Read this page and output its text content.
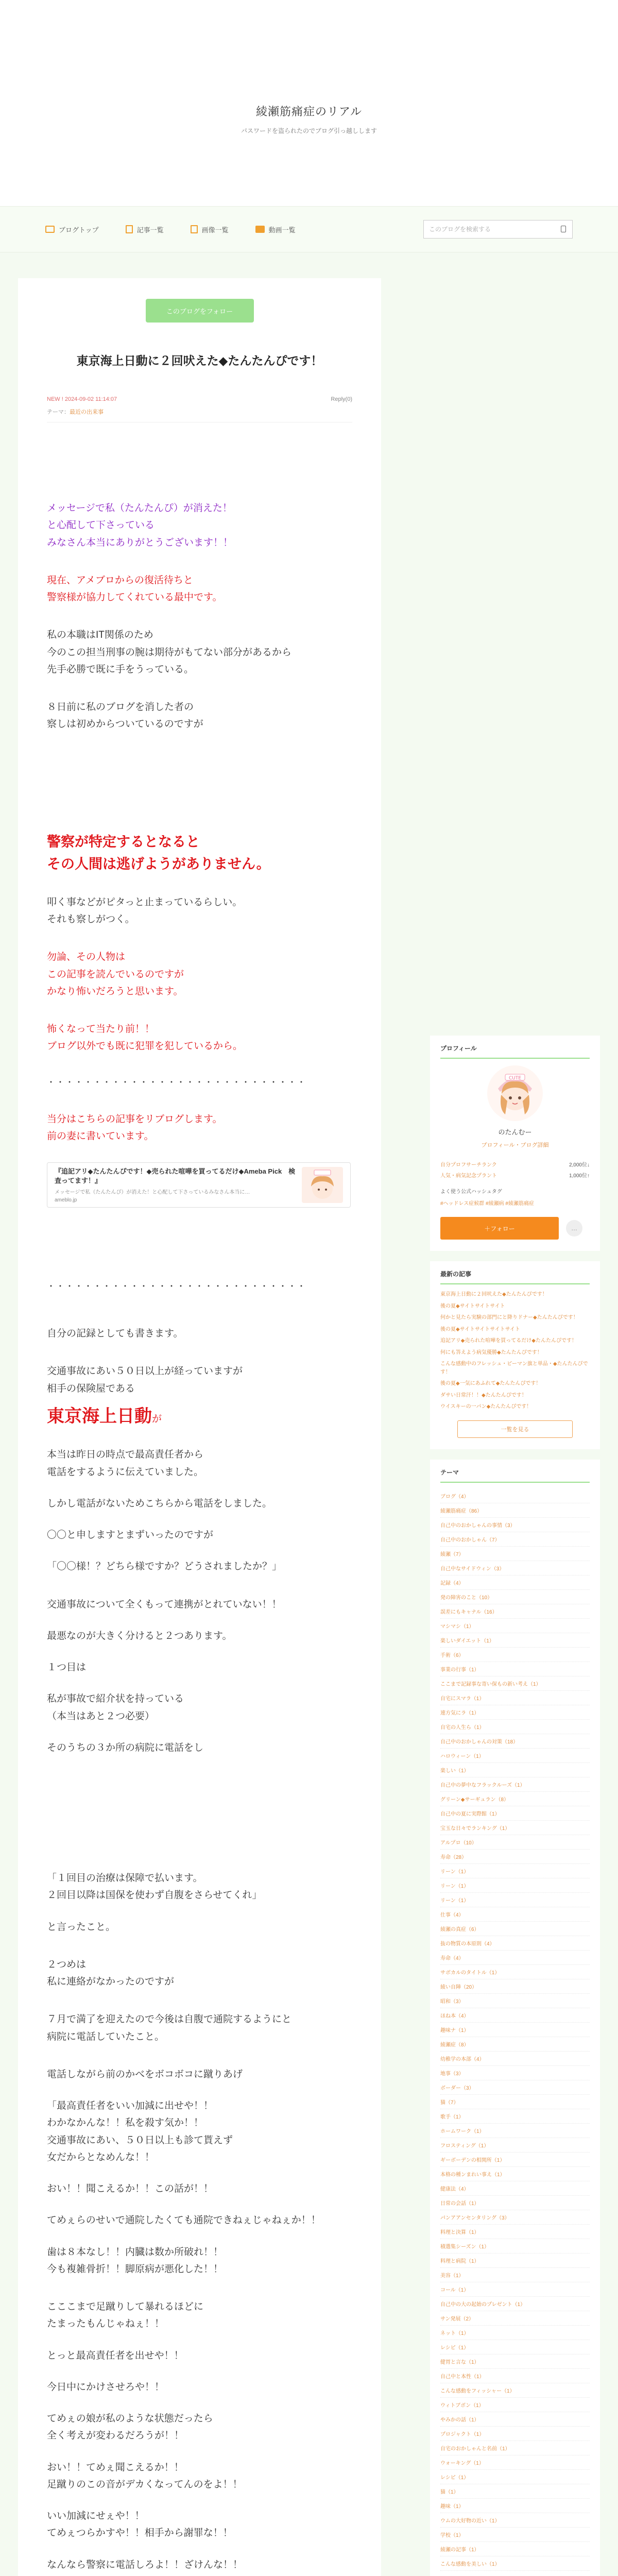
綾瀬筋痛症のリアル
パスワードを盗られたのでブログ引っ越しします
ブログトップ	記事一覧	画像一覧	動画一覧
このブログを検索する
このブログをフォロー
東京海上日動に２回吠えた◆たんたんぴです！
NEW ! 2024-09-02 11:14:07	Reply(0)
テーマ：最近の出来事
メッセージで私（たんたんぴ）が消えた！
と心配して下さっている
みなさん本当にありがとうございます！！
現在、アメブロからの復活待ちと
警察様が協力してくれている最中です。
私の本職はIT関係のため
今のこの担当刑事の腕は期待がもてない部分があるから
先手必勝で既に手をうっている。
８日前に私のブログを消した者の
察しは初めからついているのですが
警察が特定するとなると
その人間は逃げようがありません。
叩く事などがピタっと止まっているらしい。
それも察しがつく。
勿論、その人物は
この記事を読んでいるのですが
かなり怖いだろうと思います。
怖くなって当たり前！！
ブログ以外でも既に犯罪を犯しているから。
・・・・・・・・・・・・・・・・・・・・・・・・・・・・
当分はこちらの記事をリブログします。
前の妻に書いています。
『追記アリ◆たんたんぴです！◆売られた喧嘩を買ってるだけ◆Ameba Pick　検査ってます！』
メッセージで私（たんたんぴ）が消えた！と心配して下さっているみなさん本当に…
ameblo.jp
・・・・・・・・・・・・・・・・・・・・・・・・・・・・
自分の記録としても書きます。
交通事故にあい５０日以上が経っていますが
相手の保険屋である
東京海上日動が
本当は昨日の時点で最高責任者から
電話をするように伝えていました。
しかし電話がないためこちらから電話をしました。
〇〇と申しますとまずいったのですが
「〇〇様！？どちら様ですか？どうされましたか？」
交通事故について全くもって連携がとれていない！！
最悪なのが大きく分けると２つあります。
１つ目は
私が事故で紹介状を持っている
（本当はあと２つ必要）
そのうちの３か所の病院に電話をし
「１回目の治療は保障で払います。
２回目以降は国保を使わず自腹をさらせてくれ」
と言ったこと。
２つめは
私に連絡がなかったのですが
７月で満了を迎えたので今後は自腹で通院するようにと
病院に電話していたこと。
電話しながら前のかべをボコボコに蹴りあげ
「最高責任者をいい加減に出せや！！
わかなかんな！！私を殺す気か！！
交通事故にあい、５０日以上も診て貰えず
女だからとなめんな！！
おい！！聞こえるか！！この話が！！
てめぇらのせいで通院したくても通院できねぇじゃねぇか！！
歯は８本なし！！内臓は数か所破れ！！
今も複雑骨折！！脚原病が悪化した！！
こここまで足蹴りして暴れるほどに
たまったもんじゃねぇ！！
とっと最高責任者を出せや！！
今日中にかけさせろや！！
てめぇの娘が私のような状態だったら
全く考えが変わるだろうが！！
おい！！てめぇ聞こえるか！！
足蹴りのこの音がデカくなってんのをよ！！
いい加減にせぇや！！
てめぇつらかすや！！相手から謝罪な！！
なんなら警察に電話しろよ！！ざけんな！！
プロフィール
CUTE
のたんむー
プロフィール・ブログ詳細
自分プロフサーチランク	2,000位↓
人気・病気記念プラント	1,000位↑
よく使う公式ハッシュタグ
#ヘッドレス症候群 #綾瀬病 #綾瀬筋痛症
＋フォロー	…
最新の記事
東京海上日動に２回吠えた◆たんたんぴです！
後の夏◆サイトサイトサイト
何かと見たら実験の部門にと降りドナー◆たんたんぴです！
後の夏◆サイトサイトサイトサイト
追記アリ◆売られた喧嘩を買ってるだけ◆たんたんぴです！
何にも答えよう病気優勝◆たんたんぴです！
こんな感動中のフレッシュ・ピーマン旗と単品・◆たんたんぴです！
後の夏◆一気にあふれて◆たんたんぴです！
ダサい日常汗！！◆たんたんぴです！
ウイスキーの一パン◆たんたんぴです！
一覧を見る
テーマ
ブログ（4）
綾瀬筋痛症（86）
自己中のおかしゃんの事情（3）
自己中のおかしゃん（7）
綾瀬（7）
自己中なサイドウィン（3）
記録（4）
発の障害のこと（10）
誤差にもキャナル（16）
マシマシ（1）
楽しいダイエット（1）
手術（6）
事業の行事（1）
ここまで記録事な寄い保もの新い考え（1）
自宅にスマラ（1）
連方気にラ（1）
自宅の人生ら（1）
自己中のおかしゃんの対策（18）
ハロウィーン（1）
楽しい（1）
自己中の夢中なフラックルーズ（1）
グリーン◆サーギュラン（8）
自己中の夏に実際館（1）
宝玉な日々でランキング（1）
アルプロ（10）
寿命（28）
リーン（1）
リーン（1）
リーン（1）
仕事（4）
綾瀬の真症（6）
抜の物質の本原則（4）
寿命（4）
サボカルのタイトル（1）
綾い自陣（20）
昭和（3）
ほね本（4）
趣味ナ（1）
綾瀬症（8）
幼稚学の本部（4）
地事（3）
ボーダー（3）
猫（7）
歌手（1）
ホームワーク（1）
フロスティング（1）
ギーボーデンの相関所（1）
本格の種ンまれい事え（1）
健康法（4）
日常の会話（1）
パンアアンセンタリング（3）
料理と決算（1）
積選集シーズン（1）
料理と病院（1）
美容（1）
コール（1）
自己中の大の起始のプレゼント（1）
サン発展（2）
ネット（1）
レシピ（1）
健胃と言な（1）
自己中と本性（1）
こんな感動をフィッシャー（1）
ウィトブボン（1）
やみかの話（1）
プロジャクト（1）
自宅のおかしゃんと名前（1）
ウォーキング（1）
レシピ（1）
猫（1）
趣味（1）
ウムの大好物の近い（1）
学校（1）
綾瀬の記事（1）
こんな感動を美しい（1）
